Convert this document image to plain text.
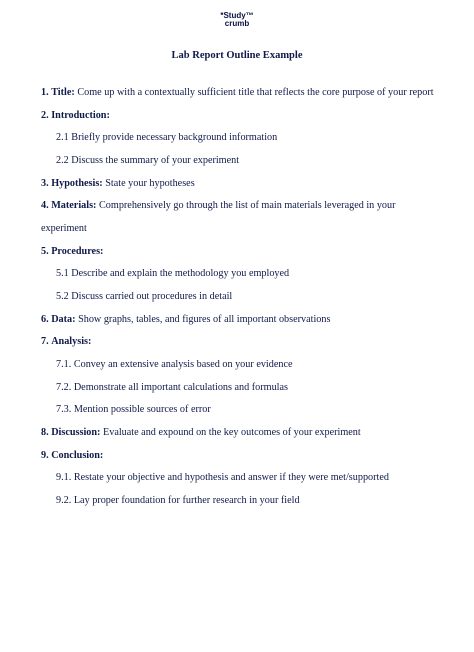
*Study™
crumb
Lab Report Outline Example
1. Title: Come up with a contextually sufficient title that reflects the core purpose of your report
2. Introduction:
2.1 Briefly provide necessary background information
2.2 Discuss the summary of your experiment
3. Hypothesis: State your hypotheses
4. Materials: Comprehensively go through the list of main materials leveraged in your
experiment
5. Procedures:
5.1 Describe and explain the methodology you employed
5.2 Discuss carried out procedures in detail
6. Data: Show graphs, tables, and figures of all important observations
7. Analysis:
7.1. Convey an extensive analysis based on your evidence
7.2. Demonstrate all important calculations and formulas
7.3. Mention possible sources of error
8. Discussion: Evaluate and expound on the key outcomes of your experiment
9. Conclusion:
9.1. Restate your objective and hypothesis and answer if they were met/supported
9.2. Lay proper foundation for further research in your field
